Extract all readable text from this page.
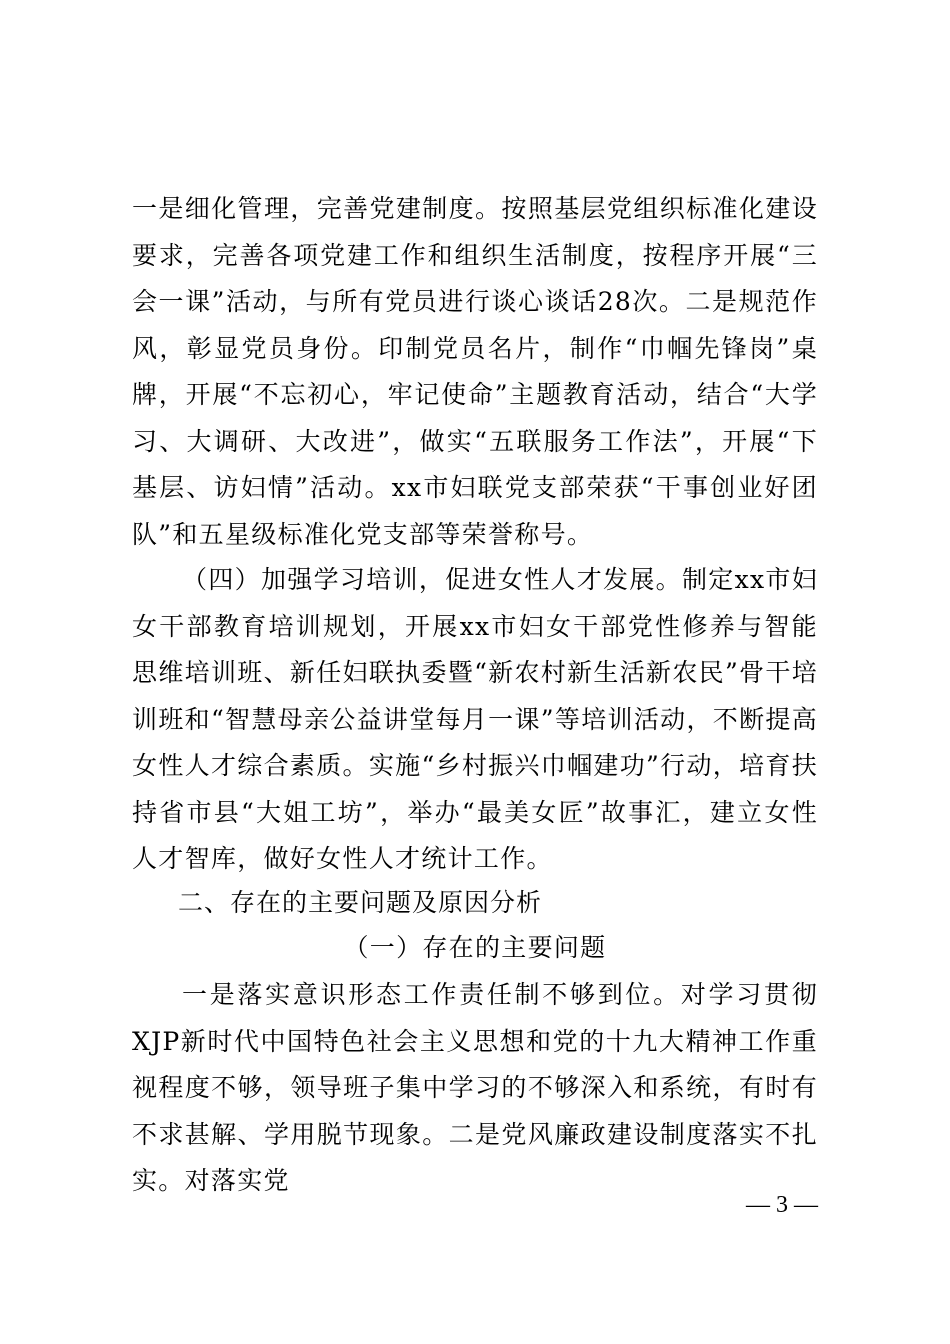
一是细化管理，完善党建制度。按照基层党组织标准化建设要求，完善各项党建工作和组织生活制度，按程序开展“三会一课”活动，与所有党员进行谈心谈话28次。二是规范作风，彰显党员身份。印制党员名片，制作“巾帼先锋岗”桌牌，开展“不忘初心，牢记使命”主题教育活动，结合“大学习、大调研、大改进”，做实“五联服务工作法”，开展“下基层、访妇情”活动。xx市妇联党支部荣获“干事创业好团队”和五星级标准化党支部等荣誉称号。

（四）加强学习培训，促进女性人才发展。制定xx市妇女干部教育培训规划，开展xx市妇女干部党性修养与智能思维培训班、新任妇联执委暨“新农村新生活新农民”骨干培训班和“智慧母亲公益讲堂每月一课”等培训活动，不断提高女性人才综合素质。实施“乡村振兴巾帼建功”行动，培育扶持省市县“大姐工坊”，举办“最美女匠”故事汇，建立女性人才智库，做好女性人才统计工作。

二、存在的主要问题及原因分析

（一）存在的主要问题

一是落实意识形态工作责任制不够到位。对学习贯彻XJP新时代中国特色社会主义思想和党的十九大精神工作重视程度不够，领导班子集中学习的不够深入和系统，有时有不求甚解、学用脱节现象。二是党风廉政建设制度落实不扎实。对落实党

— 3 —
